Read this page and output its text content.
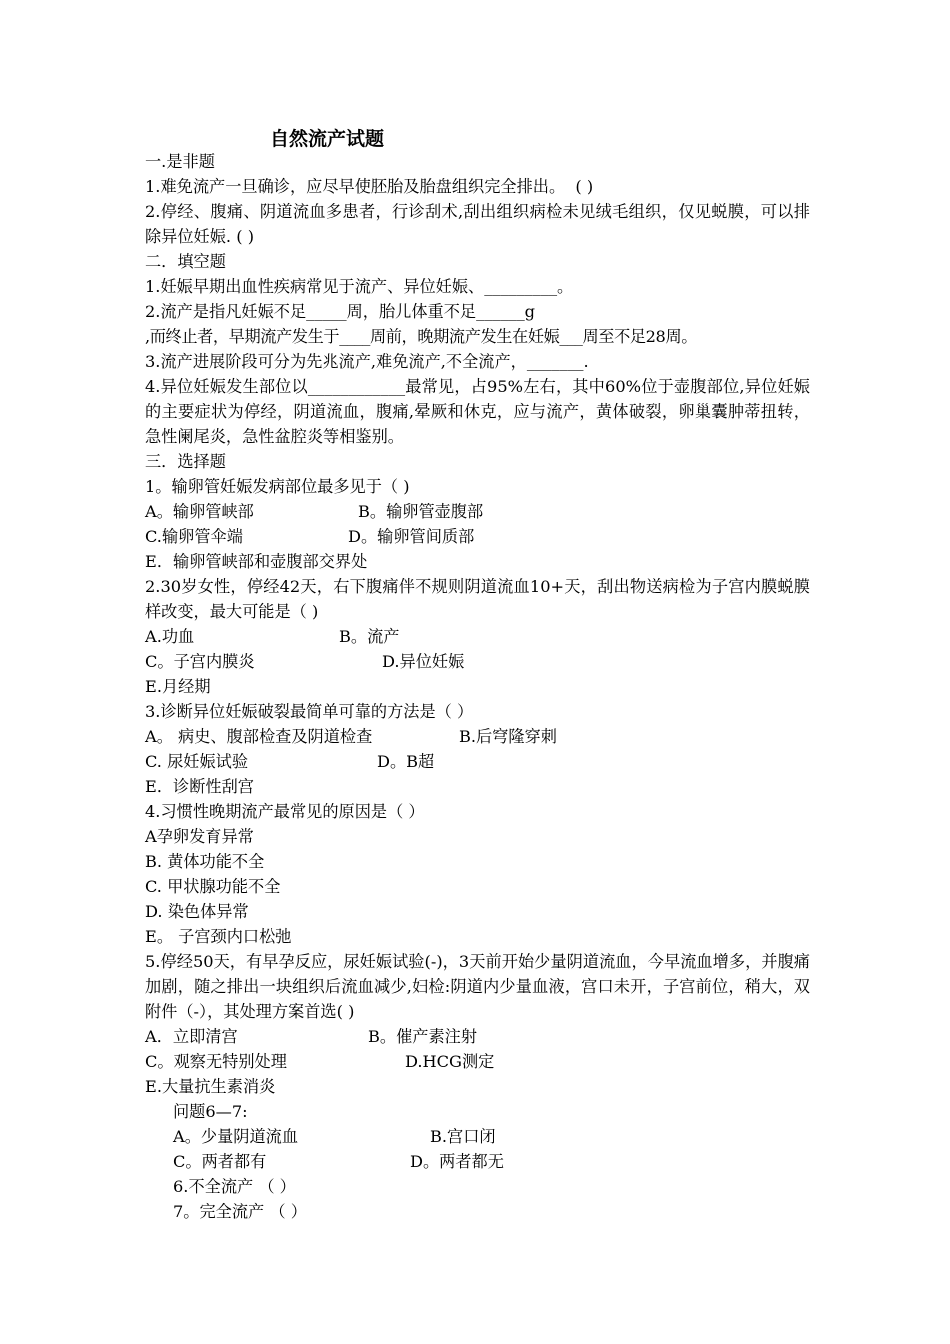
自然流产试题
一.是非题
1.难免流产一旦确诊，应尽早使胚胎及胎盘组织完全排出。  ( )
2.停经、腹痛、阴道流血多患者，行诊刮术,刮出组织病检未见绒毛组织，仅见蜕膜，可以排除异位妊娠. ( )
二．填空题
1.妊娠早期出血性疾病常见于流产、异位妊娠、_________。
2.流产是指凡妊娠不足_____周，胎儿体重不足______g
,而终止者，早期流产发生于____周前，晚期流产发生在妊娠___周至不足28周。
3.流产进展阶段可分为先兆流产,难免流产,不全流产，_______.
4.异位妊娠发生部位以____________最常见，占95%左右，其中60%位于壶腹部位,异位妊娠的主要症状为停经，阴道流血，腹痛,晕厥和休克，应与流产，黄体破裂，卵巢囊肿蒂扭转，急性阑尾炎，急性盆腔炎等相鉴别。
三．选择题
1。输卵管妊娠发病部位最多见于（ )
A。输卵管峡部	B。输卵管壶腹部
C.输卵管伞端	D。输卵管间质部
E．输卵管峡部和壶腹部交界处
2.30岁女性，停经42天，右下腹痛伴不规则阴道流血10+天，刮出物送病检为子宫内膜蜕膜样改变，最大可能是（ )
A.功血	B。流产
C。子宫内膜炎	D.异位妊娠
E.月经期
3.诊断异位妊娠破裂最简单可靠的方法是（ ）
A。 病史、腹部检查及阴道检查	B.后穹隆穿刺
C. 尿妊娠试验	D。B超
E．诊断性刮宫
4.习惯性晚期流产最常见的原因是（ ）
A孕卵发育异常
B. 黄体功能不全
C. 甲状腺功能不全
D. 染色体异常
E。 子宫颈内口松弛
5.停经50天，有早孕反应，尿妊娠试验(-)，3天前开始少量阴道流血，今早流血增多，并腹痛加剧，随之排出一块组织后流血减少,妇检:阴道内少量血液，宫口未开，子宫前位，稍大，双附件（-），其处理方案首选( )
A．立即清宫	B。催产素注射
C。观察无特别处理	D.HCG测定
E.大量抗生素消炎
问题6—7:
A。少量阴道流血	B.宫口闭
C。两者都有	D。两者都无
6.不全流产 （ ）
7。完全流产 （ ）
